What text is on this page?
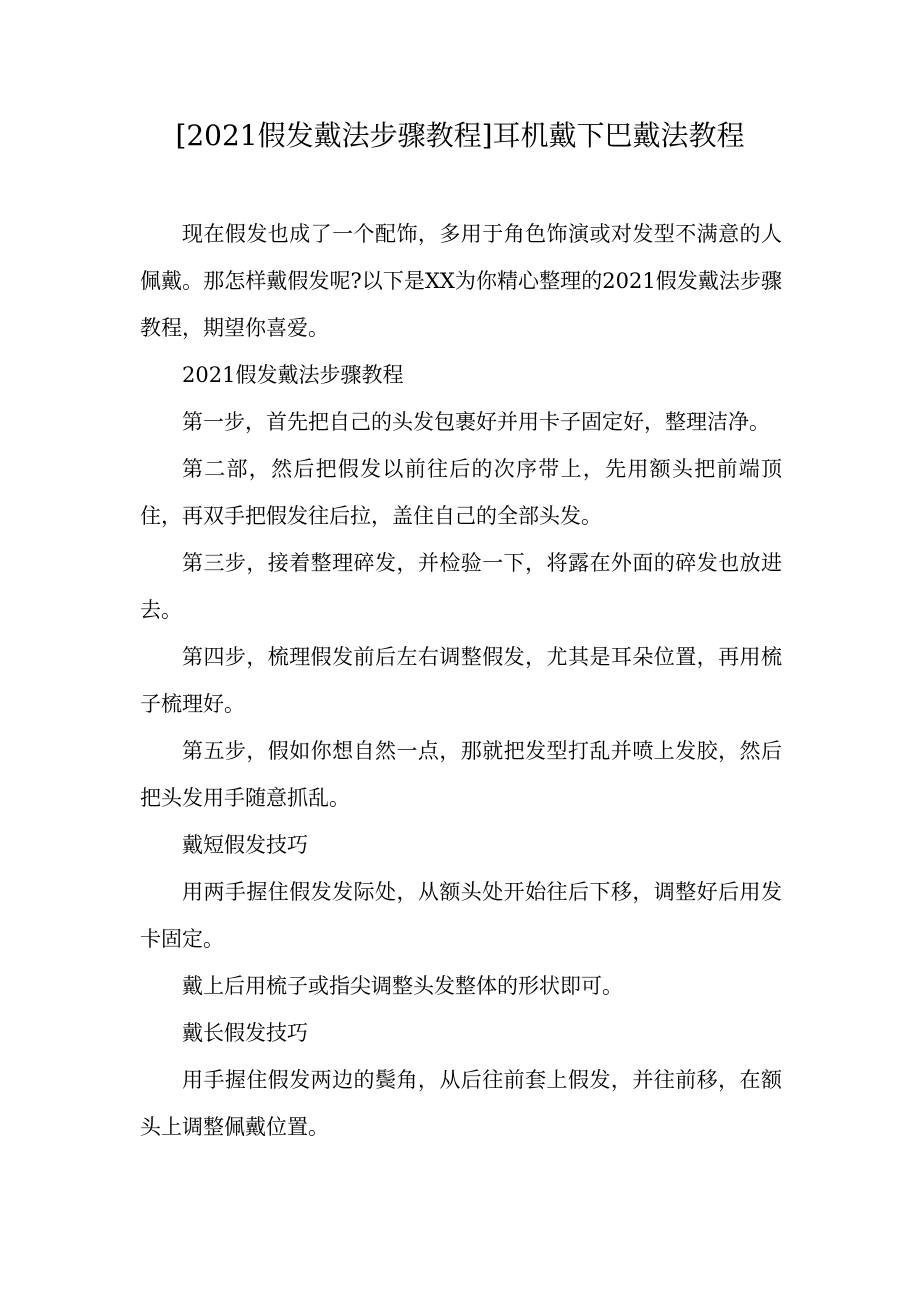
[2021假发戴法步骤教程]耳机戴下巴戴法教程

现在假发也成了一个配饰，多用于角色饰演或对发型不满意的人佩戴。那怎样戴假发呢?以下是XX为你精心整理的2021假发戴法步骤教程，期望你喜爱。

2021假发戴法步骤教程

第一步，首先把自己的头发包裹好并用卡子固定好，整理洁净。

第二部，然后把假发以前往后的次序带上，先用额头把前端顶住，再双手把假发往后拉，盖住自己的全部头发。

第三步，接着整理碎发，并检验一下，将露在外面的碎发也放进去。

第四步，梳理假发前后左右调整假发，尤其是耳朵位置，再用梳子梳理好。

第五步，假如你想自然一点，那就把发型打乱并喷上发胶，然后把头发用手随意抓乱。

戴短假发技巧

用两手握住假发发际处，从额头处开始往后下移，调整好后用发卡固定。

戴上后用梳子或指尖调整头发整体的形状即可。

戴长假发技巧

用手握住假发两边的鬓角，从后往前套上假发，并往前移，在额头上调整佩戴位置。
